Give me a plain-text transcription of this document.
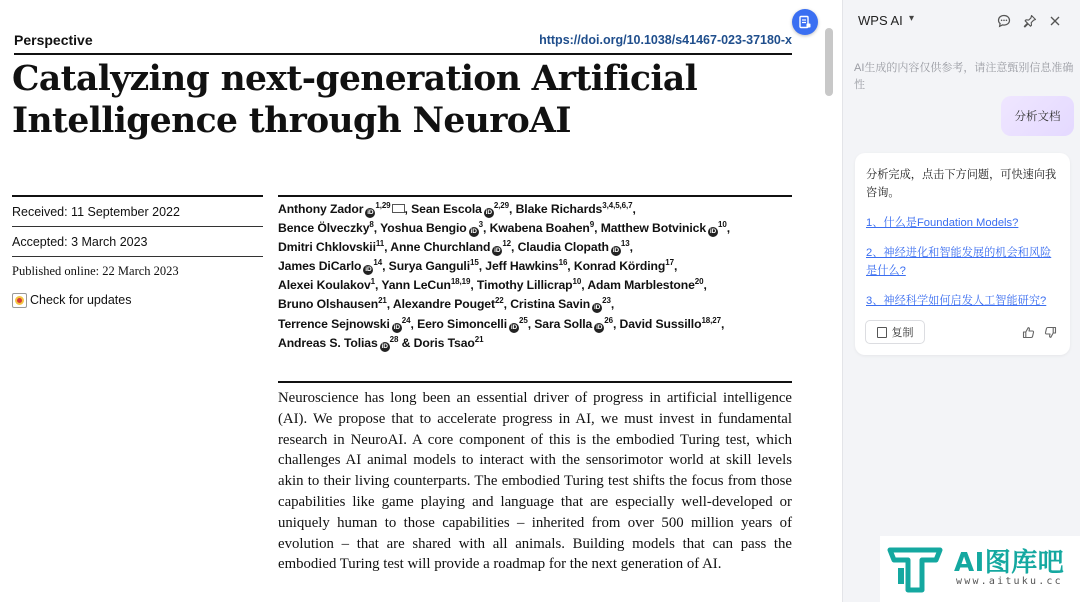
Perspective	https://doi.org/10.1038/s41467-023-37180-x
Catalyzing next-generation Artificial
Intelligence through NeuroAI
Received: 11 September 2022
Accepted: 3 March 2023
Published online: 22 March 2023
Check for updates
Anthony Zador iD$^{1,29}$ , Sean Escola iD$^{2,29}$, Blake Richards$^{3,4,5,6,7}$,
Bence Ölveczky$^8$, Yoshua Bengio $iD^3$, Kwabena Boahen$^9$, Matthew Botvinick $iD^{10}$,
Dmitri Chklovskii$^{11}$, Anne Churchland $iD^{12}$, Claudia Clopath $iD^{13}$,
James DiCarlo $iD^{14}$, Surya Ganguli$^{15}$, Jeff Hawkins$^{16}$, Konrad Körding$^{17}$,
Alexei Koulakov$^1$, Yann LeCun$^{18,19}$, Timothy Lillicrap$^{10}$, Adam Marblestone$^{20}$,
Bruno Olshausen$^{21}$, Alexandre Pouget$^{22}$, Cristina Savin $iD^{23}$,
Terrence Sejnowski $iD^{24}$, Eero Simoncelli $iD^{25}$, Sara Solla $iD^{26}$, David Sussillo$^{18,27}$,
Andreas S. Tolias $iD^{28}$ & Doris Tsao$^{21}$

Neuroscience has long been an essential driver of progress in artificial intelligence (AI). We propose that to accelerate progress in AI, we must invest in fundamental research in NeuroAI. A core component of this is the embodied Turing test, which challenges AI animal models to interact with the sensorimotor world at skill levels akin to their living counterparts. The embodied Turing test shifts the focus from those capabilities like game playing and language that are especially well-developed or uniquely human to those capabilities – inherited from over 500 million years of evolution – that are shared with all animals. Building models that can pass the embodied Turing test will provide a roadmap for the next generation of AI.

WPS AI ▾
AI生成的内容仅供参考，请注意甄别信息准确性
分析文档
分析完成，点击下方问题，可快速向我咨询。
1、什么是Foundation Models?
2、神经进化和智能发展的机会和风险是什么?
3、神经科学如何启发人工智能研究?
复制
AI图库吧
www.aituku.cc
